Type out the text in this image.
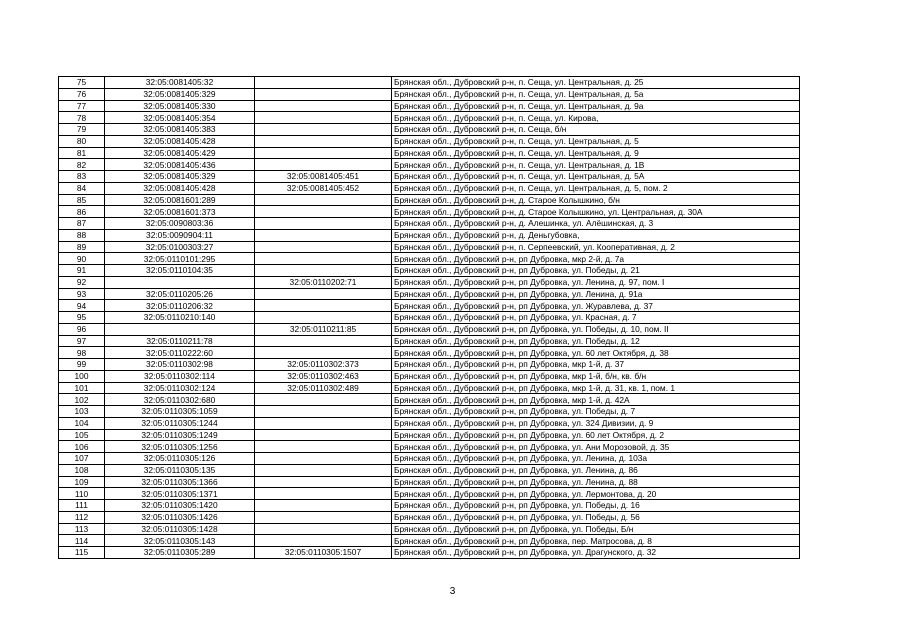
75	32:05:0081405:32		Брянская обл., Дубровский р-н, п. Сеща, ул. Центральная, д. 25
76	32:05:0081405:329		Брянская обл., Дубровский р-н, п. Сеща, ул. Центральная, д. 5а
77	32:05:0081405:330		Брянская обл., Дубровский р-н, п. Сеща, ул. Центральная, д. 9а
78	32:05:0081405:354		Брянская обл., Дубровский р-н, п. Сеща, ул. Кирова,
79	32:05:0081405:383		Брянская обл., Дубровский р-н, п. Сеща, б/н
80	32:05:0081405:428		Брянская обл., Дубровский р-н, п. Сеща, ул. Центральная, д. 5
81	32:05:0081405:429		Брянская обл., Дубровский р-н, п. Сеща, ул. Центральная, д. 9
82	32:05:0081405:436		Брянская обл., Дубровский р-н, п. Сеща, ул. Центральная, д. 1В
83	32:05:0081405:329	32:05:0081405:451	Брянская обл., Дубровский р-н, п. Сеща, ул. Центральная, д. 5А
84	32:05:0081405:428	32:05:0081405:452	Брянская обл., Дубровский р-н, п. Сеща, ул. Центральная, д. 5, пом. 2
85	32:05:0081601:289		Брянская обл., Дубровский р-н, д. Старое Колышкино, б/н
86	32:05:0081601:373		Брянская обл., Дубровский р-н, д. Старое Колышкино, ул. Центральная, д. 30А
87	32:05:0090803:36		Брянская обл., Дубровский р-н, д. Алешинка, ул. Алёшинская, д. 3
88	32:05:0090904:11		Брянская обл., Дубровский р-н, д. Деньгубовка,
89	32:05:0100303:27		Брянская обл., Дубровский р-н, п. Серпеевский, ул. Кооперативная, д. 2
90	32:05:0110101:295		Брянская обл., Дубровский р-н, рп Дубровка, мкр 2-й, д. 7а
91	32:05:0110104:35		Брянская обл., Дубровский р-н, рп Дубровка, ул. Победы, д. 21
92		32:05:0110202:71	Брянская обл., Дубровский р-н, рп Дубровка, ул. Ленина, д. 97, пом. I
93	32:05:0110205:26		Брянская обл., Дубровский р-н, рп Дубровка, ул. Ленина, д. 91а
94	32:05:0110206:32		Брянская обл., Дубровский р-н, рп Дубровка, ул. Журавлева, д. 37
95	32:05:0110210:140		Брянская обл., Дубровский р-н, рп Дубровка, ул. Красная, д. 7
96		32:05:0110211:85	Брянская обл., Дубровский р-н, рп Дубровка, ул. Победы, д. 10, пом. II
97	32:05:0110211:78		Брянская обл., Дубровский р-н, рп Дубровка, ул. Победы, д. 12
98	32:05:0110222:60		Брянская обл., Дубровский р-н, рп Дубровка, ул. 60 лет Октября, д. 38
99	32:05:0110302:98	32:05:0110302:373	Брянская обл., Дубровский р-н, рп Дубровка, мкр 1-й, д. 37
100	32:05:0110302:114	32:05:0110302:463	Брянская обл., Дубровский р-н, рп Дубровка, мкр 1-й, б/н, кв. б/н
101	32:05:0110302:124	32:05:0110302:489	Брянская обл., Дубровский р-н, рп Дубровка, мкр 1-й, д. 31, кв. 1, пом. 1
102	32:05:0110302:680		Брянская обл., Дубровский р-н, рп Дубровка, мкр 1-й, д. 42А
103	32:05:0110305:1059		Брянская обл., Дубровский р-н, рп Дубровка, ул. Победы, д. 7
104	32:05:0110305:1244		Брянская обл., Дубровский р-н, рп Дубровка, ул. 324 Дивизии, д. 9
105	32:05:0110305:1249		Брянская обл., Дубровский р-н, рп Дубровка, ул. 60 лет Октября, д. 2
106	32:05:0110305:1256		Брянская обл., Дубровский р-н, рп Дубровка, ул. Ани Морозовой, д. 35
107	32:05:0110305:126		Брянская обл., Дубровский р-н, рп Дубровка, ул. Ленина, д. 103а
108	32:05:0110305:135		Брянская обл., Дубровский р-н, рп Дубровка, ул. Ленина, д. 86
109	32:05:0110305:1366		Брянская обл., Дубровский р-н, рп Дубровка, ул. Ленина, д. 88
110	32:05:0110305:1371		Брянская обл., Дубровский р-н, рп Дубровка, ул. Лермонтова, д. 20
111	32:05:0110305:1420		Брянская обл., Дубровский р-н, рп Дубровка, ул. Победы, д. 16
112	32:05:0110305:1426		Брянская обл., Дубровский р-н, рп Дубровка, ул. Победы, д. 56
113	32:05:0110305:1428		Брянская обл., Дубровский р-н, рп Дубровка, ул. Победы, Б/н
114	32:05:0110305:143		Брянская обл., Дубровский р-н, рп Дубровка, пер. Матросова, д. 8
115	32:05:0110305:289	32:05:0110305:1507	Брянская обл., Дубровский р-н, рп Дубровка, ул. Драгунского, д. 32
3
